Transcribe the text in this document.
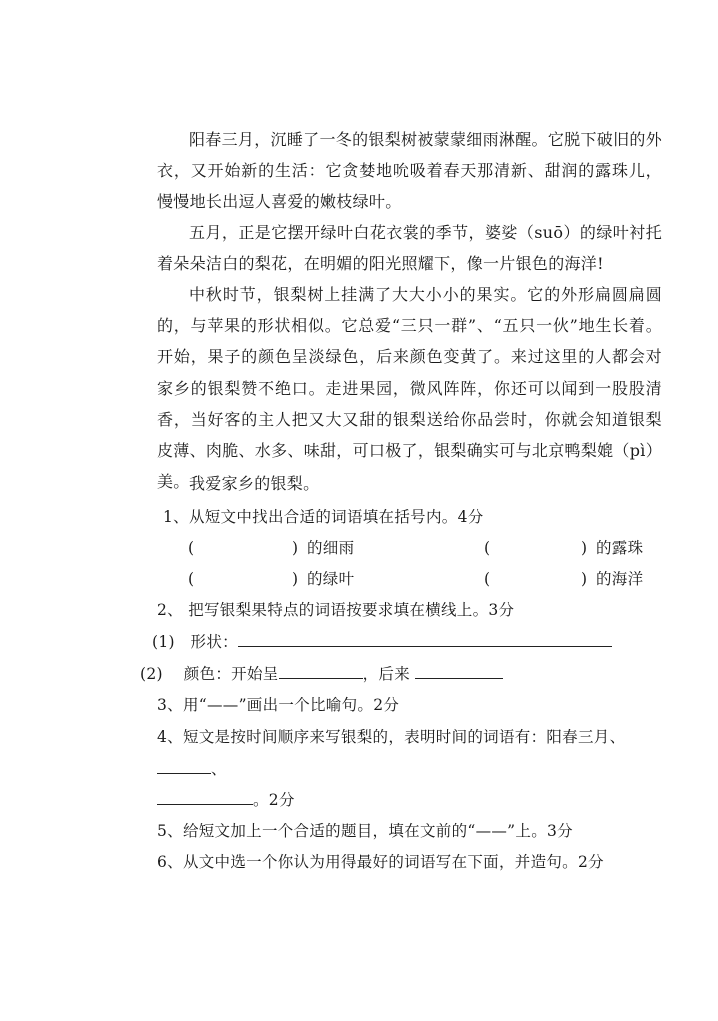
阳春三月，沉睡了一冬的银梨树被蒙蒙细雨淋醒。它脱下破旧的外衣，又开始新的生活：它贪婪地吮吸着春天那清新、甜润的露珠儿，慢慢地长出逗人喜爱的嫩枝绿叶。

五月，正是它摆开绿叶白花衣裳的季节，婆娑（suō）的绿叶衬托着朵朵洁白的梨花，在明媚的阳光照耀下，像一片银色的海洋!

中秋时节，银梨树上挂满了大大小小的果实。它的外形扁圆扁圆的，与苹果的形状相似。它总爱“三只一群”、“五只一伙”地生长着。开始，果子的颜色呈淡绿色，后来颜色变黄了。来过这里的人都会对家乡的银梨赞不绝口。走进果园，微风阵阵，你还可以闻到一股股清香，当好客的主人把又大又甜的银梨送给你品尝时，你就会知道银梨皮薄、肉脆、水多、味甜，可口极了，银梨确实可与北京鸭梨媲（pì）美。 我爱家乡的银梨。

1、从短文中找出合适的词语填在括号内。4分
(	) 的细雨	(	) 的露珠
(	) 的绿叶	(	) 的海洋
2、 把写银梨果特点的词语按要求填在横线上。3分
(1) 形状：
(2) 颜色：开始呈	，后来
3、用“——”画出一个比喻句。2分
4、短文是按时间顺序来写银梨的，表明时间的词语有：阳春三月、
、
。2分
5、给短文加上一个合适的题目，填在文前的“——”上。3分
6、从文中选一个你认为用得最好的词语写在下面，并造句。2分
